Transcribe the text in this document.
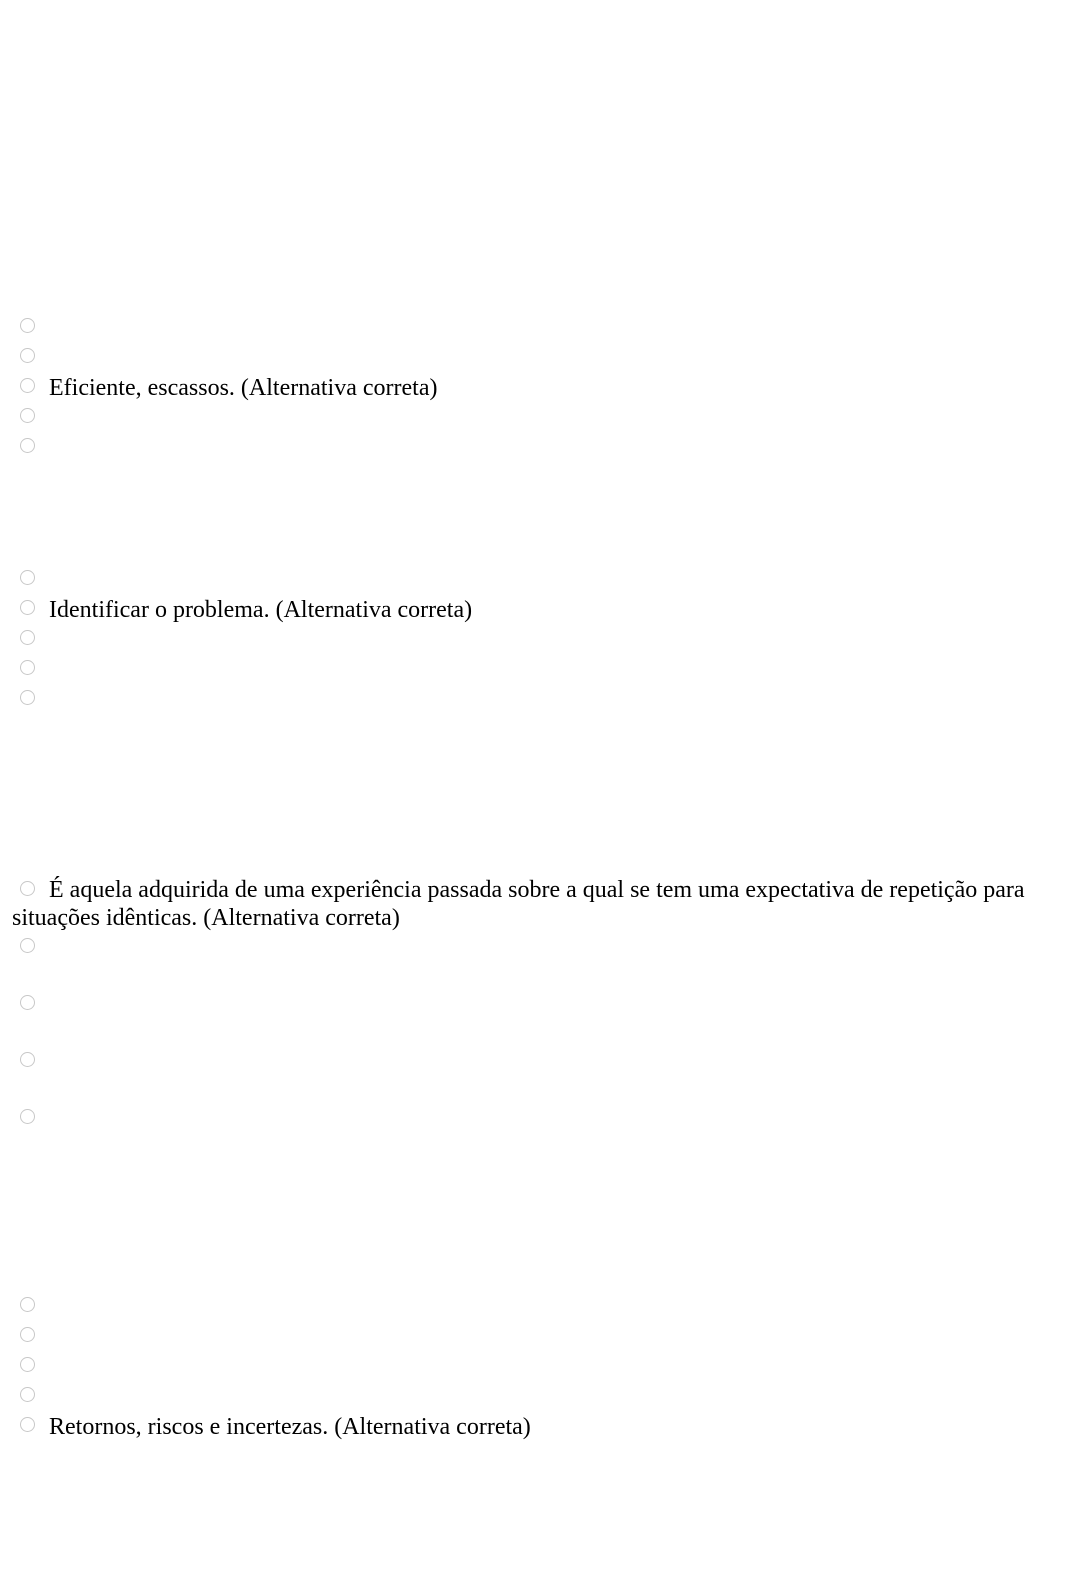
Eficiente, escassos. (Alternativa correta)
Identificar o problema. (Alternativa correta)
É aquela adquirida de uma experiência passada sobre a qual se tem uma expectativa de repetição para situações idênticas. (Alternativa correta)
Retornos, riscos e incertezas. (Alternativa correta)
